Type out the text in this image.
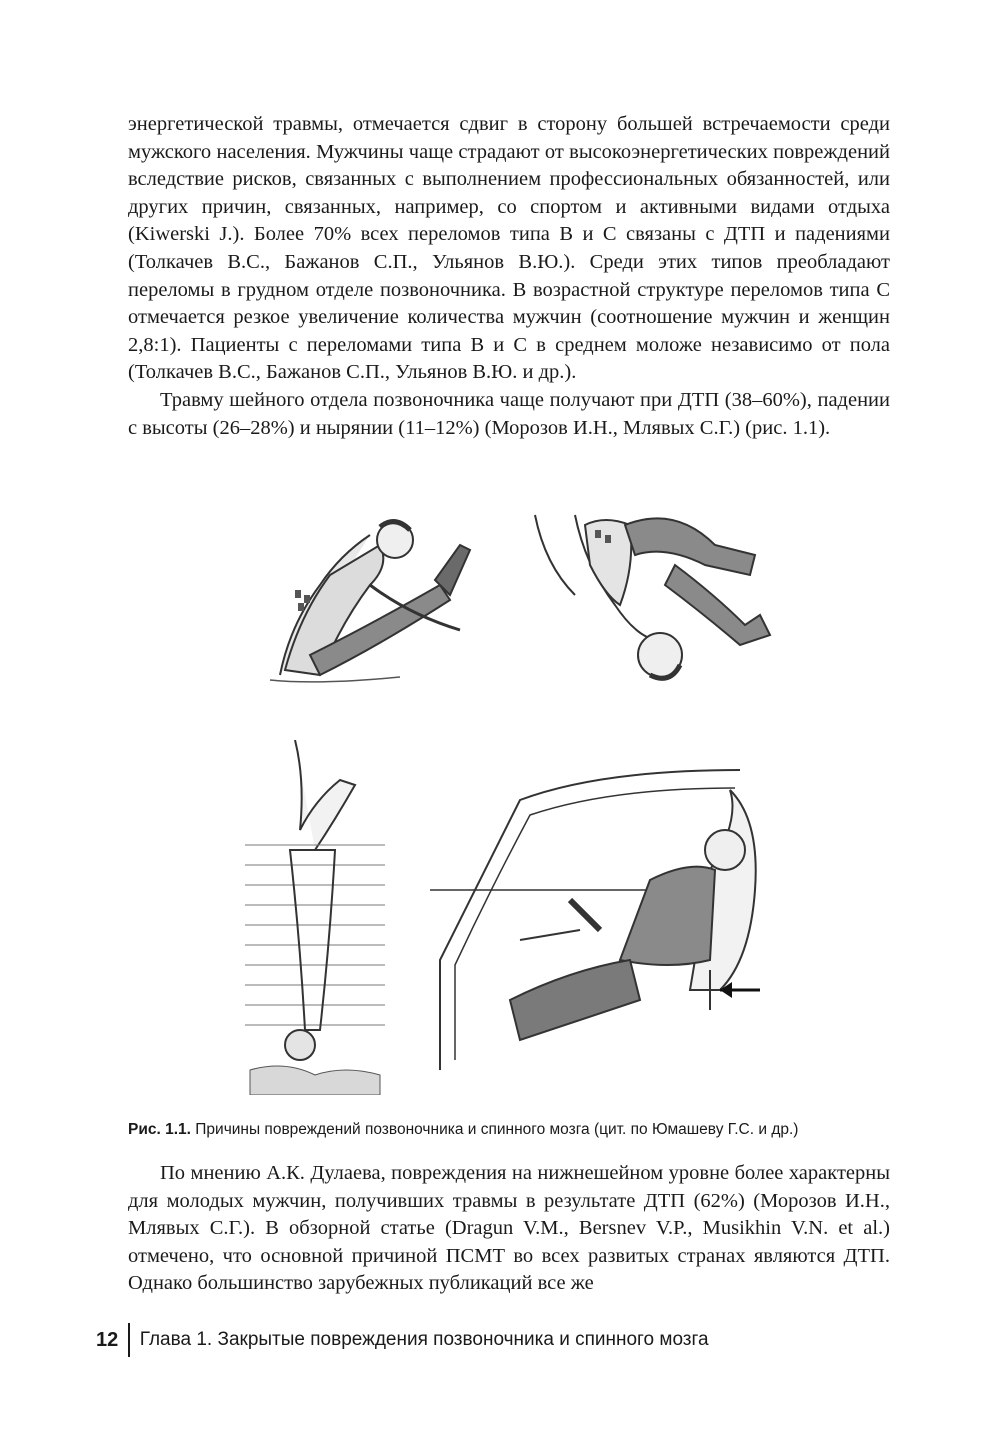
энергетической травмы, отмечается сдвиг в сторону большей встречаемости среди мужского населения. Мужчины чаще страдают от высокоэнергетических повреждений вследствие рисков, связанных с выполнением профессиональных обязанностей, или других причин, связанных, например, со спортом и активными видами отдыха (Kiwerski J.). Более 70% всех переломов типа B и С связаны с ДТП и падениями (Толкачев В.С., Бажанов С.П., Ульянов В.Ю.). Среди этих типов преобладают переломы в грудном отделе позвоночника. В возрастной структуре переломов типа С отмечается резкое увеличение количества мужчин (соотношение мужчин и женщин 2,8:1). Пациенты с переломами типа В и С в среднем моложе независимо от пола (Толкачев В.С., Бажанов С.П., Ульянов В.Ю. и др.).

Травму шейного отдела позвоночника чаще получают при ДТП (38–60%), падении с высоты (26–28%) и нырянии (11–12%) (Морозов И.Н., Млявых С.Г.) (рис. 1.1).

Рис. 1.1. Причины повреждений позвоночника и спинного мозга (цит. по Юмашеву Г.С. и др.)

По мнению А.К. Дулаева, повреждения на нижнешейном уровне более характерны для молодых мужчин, получивших травмы в результате ДТП (62%) (Морозов И.Н., Млявых С.Г.). В обзорной статье (Dragun V.M., Bersnev V.P., Musikhin V.N. et al.) отмечено, что основной причиной ПСМТ во всех развитых странах являются ДТП. Однако большинство зарубежных публикаций все же

12	Глава 1. Закрытые повреждения позвоночника и спинного мозга
